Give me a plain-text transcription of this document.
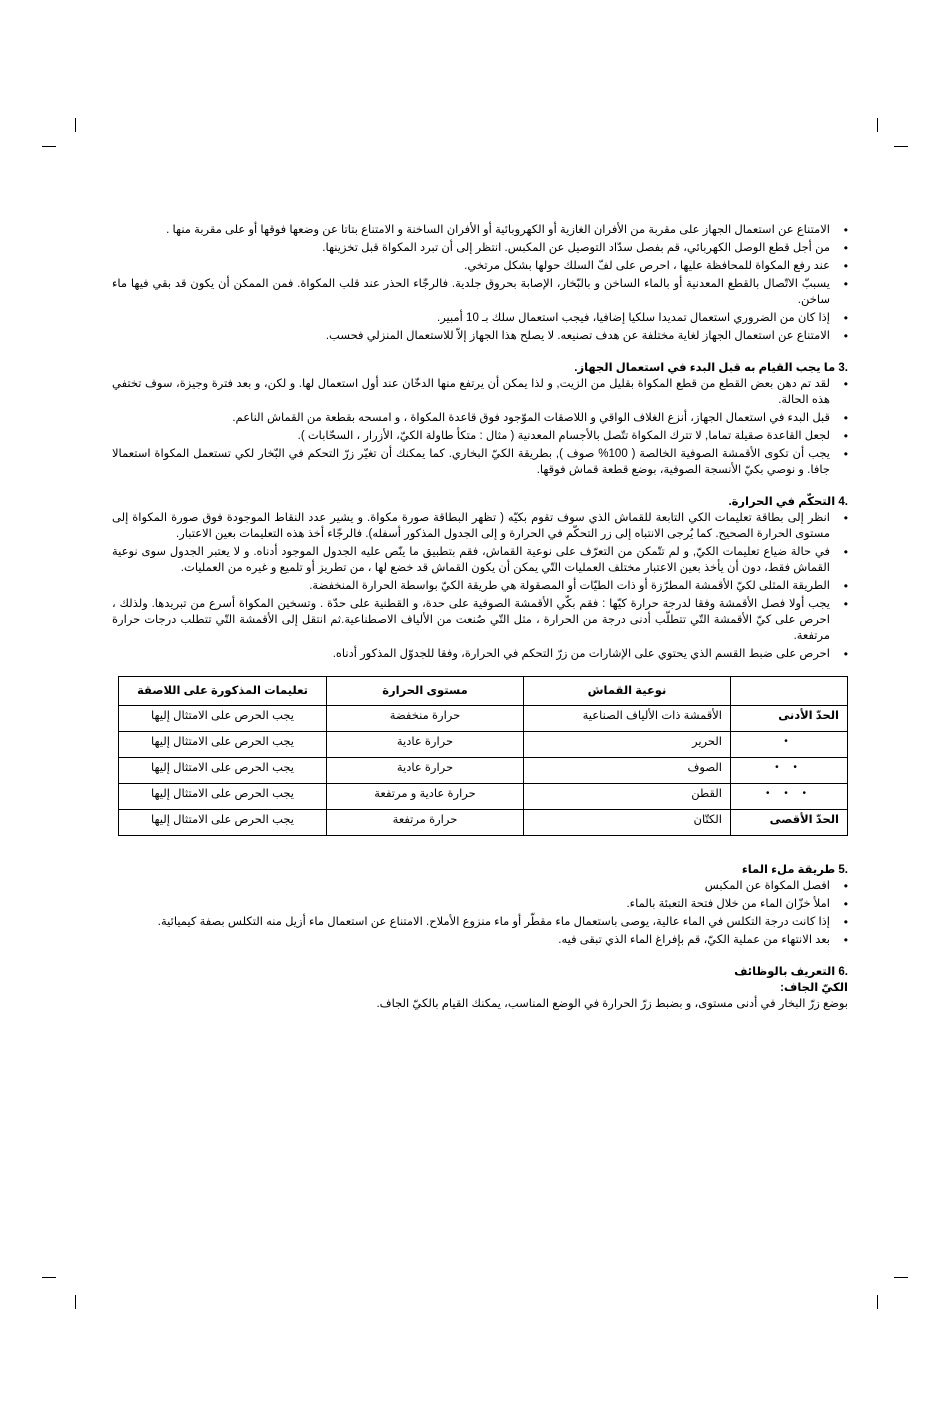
• الامتناع عن استعمال الجهاز على مقربة من الأفران الغازية أو الكهروبائية أو الأفران الساخنة و الامتناع بتاتا عن وضعها فوقها أو على مقربة منها .
• من أجل قطع الوصل الكهربائي، قم بفصل سدّاد التوصيل عن المكبس. انتظر إلى أن تبرد المكواة قبل تخزينها.
• عند رفع المكواة للمحافظة عليها ، احرص على لفّ السلك حولها بشكل مرتخي.
• يسببّ الاتّصال بالقطع المعدنية أو بالماء الساخن و بالبّخار، الإصابة بحروق جلدية. فالرجّاء الحذر عند قلب المكواة. فمن الممكن أن يكون قد بقي فيها ماء ساخن.
• إذا كان من الضروري استعمال تمديدا سلكيا إضافيا، فيجب استعمال سلك بـ 10 أمبير.
• الامتناع عن استعمال الجهاز لغاية مختلفة عن هدف تصنيعه. لا يصلح هذا الجهاز إلاّ للاستعمال المنزلي فحسب.

3. ما يجب القيام به قبل البدء في استعمال الجهاز.

• لقد تم دهن بعض القطع من قطع المكواة بقليل من الزيت, و لذا يمكن أن يرتفع منها الدخّان عند أول استعمال لها. و لكن، و بعد فترة وجيزة، سوف تختفي هذه الحالة.
• قبل البدء في استعمال الجهاز، أنزع الغلاف الواقي و اللاصقات الموّجود فوق قاعدة المكواة ، و امسحه بقطعة من القماش الناعم.
• لجعل القاعدة صقيلة تماما, لا تترك المكواة تتّصل بالأجسام المعدنية ( مثال : متكأ طاولة الكيّ، الأزرار ، السحّابات ).
• يجب أن تكوى الأقمشة الصوفية الخالصة ( 100% صوف ), بطريقة الكيّ البخاري. كما يمكنك أن تغيّر زرّ التحكم في البّخار لكي تستعمل المكواة استعمالا جافا. و نوصي بكيّ الأنسجة الصوفية، بوضع قطعة قماش فوقها.

4. التحكّم في الحرارة.

• انظر إلى بطاقة تعليمات الكي التابعة للقماش الذي سوف تقوم بكيّه ( تظهر البطاقة صورة مكواة. و يشير عدد النقاط الموجودة فوق صورة المكواة إلى مستوى الحرارة الصحيح. كما يُرجى الانتباه إلى زر التحكّم في الحرارة و إلى الجدول المذكور أسفله). فالرجّاء أخذ هذه التعليمات بعين الاعتبار.
• في حالة ضياع تعليمات الكيّ, و لم تتّمكن من التعرّف على نوعية القماش، فقم بتطبيق ما ينّص عليه الجدول الموجود أدناه. و لا يعتبر الجدول سوى نوعية القماش فقط، دون أن يأخذ بعين الاعتبار مختلف العمليات التّي يمكن أن يكون القماش قد خضع لها ، من تطريز أو تلميع و غيره من العمليات.
• الطريقة المثلى لكيّ الأقمشة المطرّزة أو ذات الطيّات أو المصقولة هي طريقة الكيّ بواسطة الحرارة المنخفضة.
• يجب أولا فصل الأقمشة وفقا لدرجة حرارة كيّها : فقم بكّي الأقمشة الصوفية على حدة، و القطنية على حدّة . وتسخين المكواة أسرع من تبريدها. ولذلك ، احرص على كيّ الأقمشة التّي تتطلّب أدنى درجة من الحرارة ، مثل التّي صُنعت من الألياف الاصطناعية.ثم انتقل إلى الأقمشة التّي تتطلب درجات حرارة مرتفعة.
• احرص على ضبط القسم الذي يحتوي على الإشارات من زرّ التحكم في الحرارة، وفقا للجدوّل المذكور أدناه.
	نوعية القماش	مستوى الحرارة	تعليمات المذكورة على اللاصقة
الحدّ الأدنى	الأقمشة ذات الألياف الصناعية	حرارة منخفضة	يجب الحرص على الامتثال إليها
•	الحرير	حرارة عادية	يجب الحرص على الامتثال إليها
• •	الصوف	حرارة عادية	يجب الحرص على الامتثال إليها
• • •	القطن	حرارة عادية و مرتفعة	يجب الحرص على الامتثال إليها
الحدّ الأقصى	الكتّان	حرارة مرتفعة	يجب الحرص على الامتثال إليها

5. طريقة ملء الماء

• افصل المكواة عن المكبس
• املأ خزّان الماء من خلال فتحة التعبئة بالماء.
• إذا كانت درجة التكلس في الماء عالية، يوصى باستعمال ماء مقطّر أو ماء منزوع الأملاح. الامتناع عن استعمال ماء أزيل منه التكلس بصفة كيميائية.
• بعد الانتهاء من عملية الكيّ، قم بإفراغ الماء الذي تبقى فيه.

6. التعريف بالوظائف

الكيّ الجاف:

بوضع زرّ البخار في أدنى مستوى، و بضبط زرّ الحرارة في الوضع المناسب، يمكنك القيام بالكيّ الجاف.
